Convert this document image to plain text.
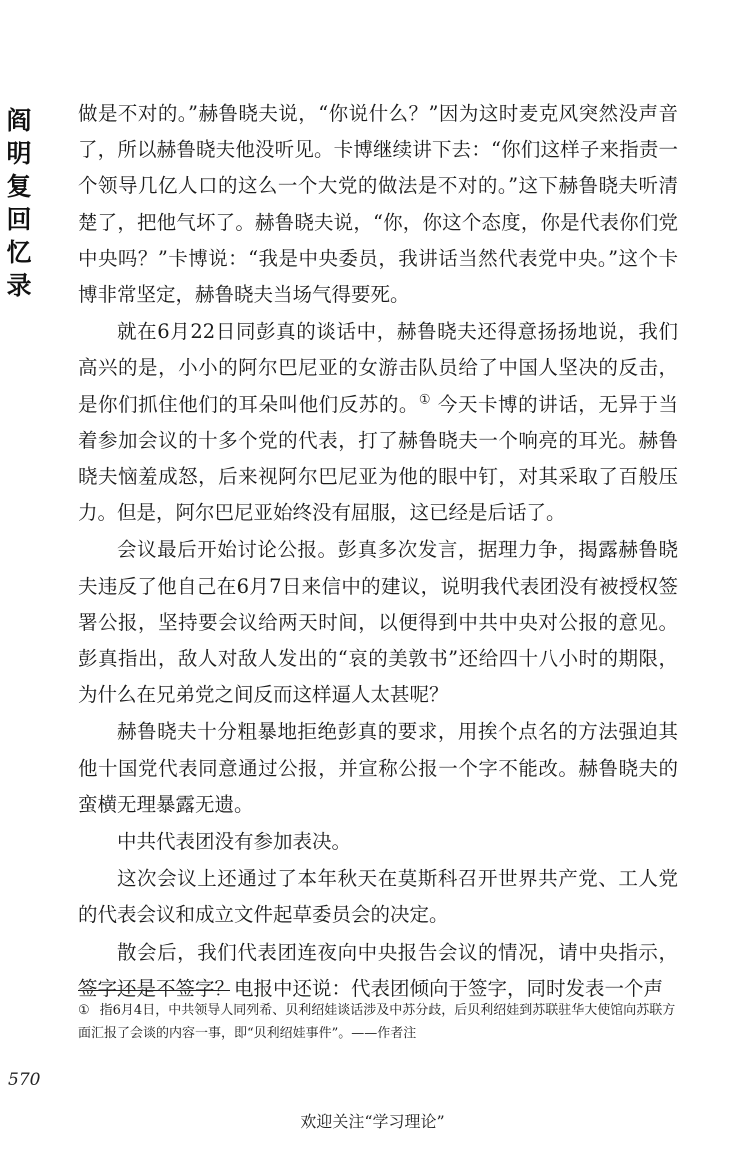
阎
明
复
回
忆
录

做是不对的。”赫鲁晓夫说，“你说什么？”因为这时麦克风突然没声音了，所以赫鲁晓夫他没听见。卡博继续讲下去：“你们这样子来指责一个领导几亿人口的这么一个大党的做法是不对的。”这下赫鲁晓夫听清楚了，把他气坏了。赫鲁晓夫说，“你，你这个态度，你是代表你们党中央吗？”卡博说：“我是中央委员，我讲话当然代表党中央。”这个卡博非常坚定，赫鲁晓夫当场气得要死。

就在6月22日同彭真的谈话中，赫鲁晓夫还得意扬扬地说，我们高兴的是，小小的阿尔巴尼亚的女游击队员给了中国人坚决的反击，是你们抓住他们的耳朵叫他们反苏的。① 今天卡博的讲话，无异于当着参加会议的十多个党的代表，打了赫鲁晓夫一个响亮的耳光。赫鲁晓夫恼羞成怒，后来视阿尔巴尼亚为他的眼中钉，对其采取了百般压力。但是，阿尔巴尼亚始终没有屈服，这已经是后话了。

会议最后开始讨论公报。彭真多次发言，据理力争，揭露赫鲁晓夫违反了他自己在6月7日来信中的建议，说明我代表团没有被授权签署公报，坚持要会议给两天时间，以便得到中共中央对公报的意见。彭真指出，敌人对敌人发出的“哀的美敦书”还给四十八小时的期限，为什么在兄弟党之间反而这样逼人太甚呢？

赫鲁晓夫十分粗暴地拒绝彭真的要求，用挨个点名的方法强迫其他十国党代表同意通过公报，并宣称公报一个字不能改。赫鲁晓夫的蛮横无理暴露无遗。

中共代表团没有参加表决。

这次会议上还通过了本年秋天在莫斯科召开世界共产党、工人党的代表会议和成立文件起草委员会的决定。

散会后，我们代表团连夜向中央报告会议的情况，请中央指示，签字还是不签字？电报中还说：代表团倾向于签字，同时发表一个声

① 指6月4日，中共领导人同列希、贝利绍娃谈话涉及中苏分歧，后贝利绍娃到苏联驻华大使馆向苏联方面汇报了会谈的内容一事，即“贝利绍娃事件”。——作者注

570
欢迎关注“学习理论”
